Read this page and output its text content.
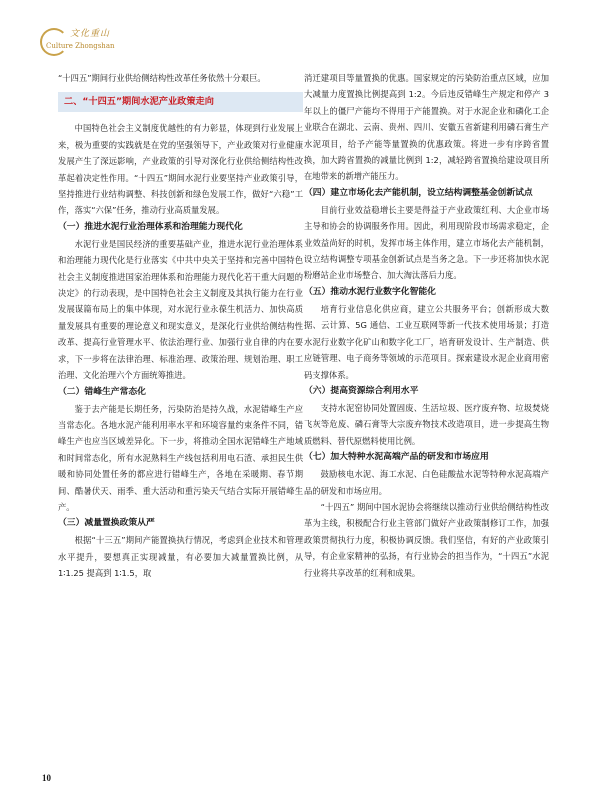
文化重山
Culture Zhongshan

“十四五”期间行业供给侧结构性改革任务依然十分艰巨。

二、“十四五”期间水泥产业政策走向

中国特色社会主义制度优越性的有力彰显，体现到行业发展上来，极为重要的实践就是在党的坚强领导下，产业政策对行业健康发展产生了深远影响，产业政策的引导对深化行业供给侧结构性改革起着决定性作用。“十四五”期间水泥行业要坚持产业政策引导，坚持推进行业结构调整、科技创新和绿色发展工作，做好“六稳”工作，落实“六保”任务，推动行业高质量发展。

（一）推进水泥行业治理体系和治理能力现代化

水泥行业是国民经济的重要基础产业，推进水泥行业治理体系和治理能力现代化是行业落实《中共中央关于坚持和完善中国特色社会主义制度推进国家治理体系和治理能力现代化若干重大问题的决定》的行动表现，是中国特色社会主义制度及其执行能力在行业发展谋篇布局上的集中体现，对水泥行业永葆生机活力、加快高质量发展具有重要的理论意义和现实意义，是深化行业供给侧结构性改革、提高行业管理水平、依法治理行业、加强行业自律的内在要求，下一步将在法律治理、标准治理、政策治理、规划治理、职工治理、文化治理六个方面统筹推进。

（二）错峰生产常态化

鉴于去产能是长期任务，污染防治是持久战，水泥错峰生产应当常态化。各地水泥产能利用率水平和环境容量约束条件不同，错峰生产也应当区域差异化。下一步，将推动全国水泥错峰生产地域和时间常态化，所有水泥熟料生产线包括利用电石渣、承担民生供暖和协同处置任务的都应进行错峰生产，各地在采暖期、春节期间、酷暑伏天、雨季、重大活动和重污染天气结合实际开展错峰生产。

（三）减量置换政策从严

根据“十三五”期间产能置换执行情况，考虑到企业技术和管理水平提升，要想真正实现减量，有必要加大减量置换比例，从 1∶1.25 提高到 1∶1.5，取

消迁建项目等量置换的优惠。国家规定的污染防治重点区域，应加大减量力度置换比例提高到 1:2。今后违反错峰生产规定和停产 3 年以上的僵尸产能均不得用于产能置换。对于水泥企业和磷化工企业联合在湖北、云南、贵州、四川、安徽五省新建利用磷石膏生产水泥项目，给予产能等量置换的优惠政策。将进一步有序跨省置换，加大跨省置换的减量比例到 1:2，减轻跨省置换给建设项目所在地带来的新增产能压力。

（四）建立市场化去产能机制，设立结构调整基金创新试点

目前行业效益稳增长主要是得益于产业政策红利、大企业市场主导和协会的协调服务作用。因此，利用现阶段市场需求稳定，企业效益尚好的时机，发挥市场主体作用，建立市场化去产能机制，设立结构调整专项基金创新试点是当务之急。下一步还将加快水泥粉磨站企业市场整合、加大淘汰落后力度。

（五）推动水泥行业数字化智能化

培育行业信息化供应商，建立公共服务平台；创新形成大数据、云计算、5G 通信、工业互联网等新一代技术使用场景；打造水泥行业数字化矿山和数字化工厂，培育研发设计、生产制造、供应链管理、电子商务等领域的示范项目。探索建设水泥企业商用密码支撑体系。

（六）提高资源综合利用水平

支持水泥窑协同处置固废、生活垃圾、医疗废弃物、垃圾焚烧飞灰等危废、磷石膏等大宗废弃物技术改造项目，进一步提高生物质燃料、替代原燃料使用比例。

（七）加大特种水泥高端产品的研发和市场应用

鼓励核电水泥、海工水泥、白色硅酸盐水泥等特种水泥高端产品的研发和市场应用。

“十四五” 期间中国水泥协会将继续以推动行业供给侧结构性改革为主线，积极配合行业主管部门做好产业政策制修订工作，加强政策贯彻执行力度，积极协调反馈。我们坚信，有好的产业政策引导，有企业家精神的弘扬，有行业协会的担当作为，“十四五”水泥行业将共享改革的红利和成果。

10
